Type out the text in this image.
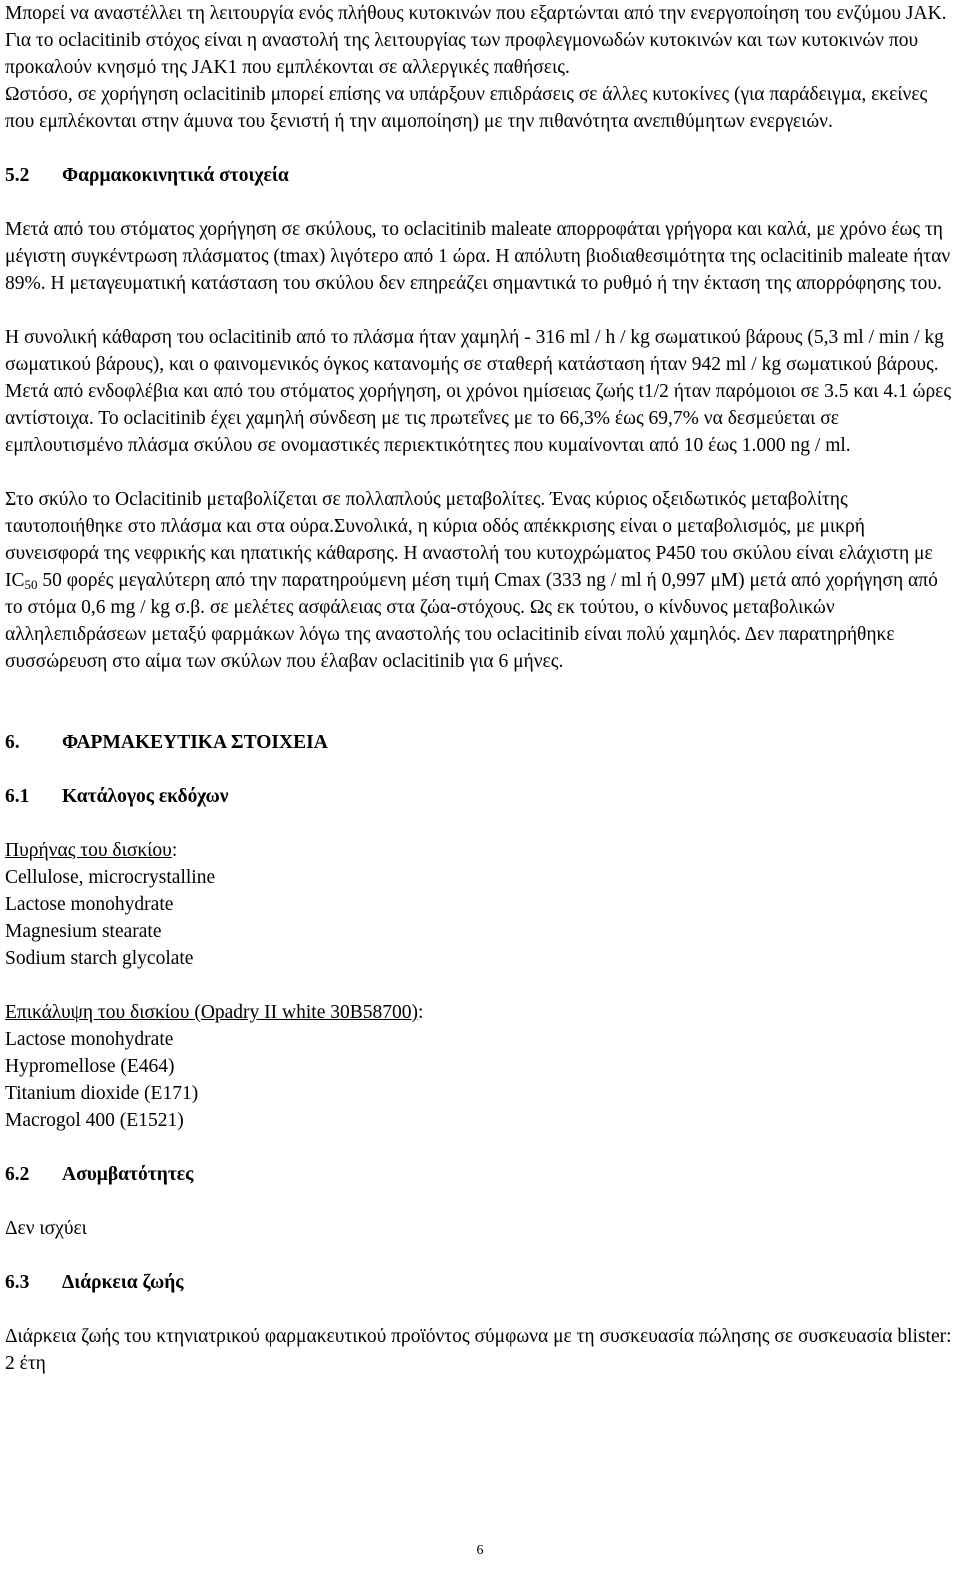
Μπορεί να αναστέλλει τη λειτουργία ενός πλήθους κυτοκινών που εξαρτώνται από την ενεργοποίηση του ενζύμου JAK.

Για το oclacitinib στόχος είναι η αναστολή της λειτουργίας των προφλεγμονωδών κυτοκινών και των κυτοκινών που προκαλούν κνησμό της JAK1 που εμπλέκονται σε αλλεργικές παθήσεις.

Ωστόσο, σε χορήγηση oclacitinib μπορεί επίσης να υπάρξουν επιδράσεις σε άλλες κυτοκίνες (για παράδειγμα, εκείνες που εμπλέκονται στην άμυνα του ξενιστή ή την αιμοποίηση) με την πιθανότητα ανεπιθύμητων ενεργειών.

5.2	Φαρμακοκινητικά στοιχεία

Μετά από του στόματος χορήγηση σε σκύλους, το oclacitinib maleate απορροφάται γρήγορα και καλά, με χρόνο έως τη μέγιστη συγκέντρωση πλάσματος (tmax) λιγότερο από 1 ώρα. Η απόλυτη βιοδιαθεσιμότητα της oclacitinib maleate ήταν 89%. Η μεταγευματική κατάσταση του σκύλου δεν επηρεάζει σημαντικά το ρυθμό ή την έκταση της απορρόφησης του.

Η συνολική κάθαρση του oclacitinib από το πλάσμα ήταν χαμηλή - 316 ml / h / kg σωματικού βάρους (5,3 ml / min / kg σωματικού βάρους), και ο φαινομενικός όγκος κατανομής σε σταθερή κατάσταση ήταν 942 ml / kg σωματικού βάρους. Μετά από ενδοφλέβια και από του στόματος χορήγηση, οι χρόνοι ημίσειας ζωής t1/2 ήταν παρόμοιοι σε 3.5 και 4.1 ώρες αντίστοιχα. Το oclacitinib έχει χαμηλή σύνδεση με τις πρωτεΐνες με το 66,3% έως 69,7% να δεσμεύεται σε εμπλουτισμένο πλάσμα σκύλου σε ονομαστικές περιεκτικότητες που κυμαίνονται από 10 έως 1.000 ng / ml.

Στο σκύλο το Oclacitinib μεταβολίζεται σε πολλαπλούς μεταβολίτες. Ένας κύριος οξειδωτικός μεταβολίτης ταυτοποιήθηκε στο πλάσμα και στα ούρα.Συνολικά, η κύρια οδός απέκκρισης είναι ο μεταβολισμός, με μικρή συνεισφορά της νεφρικής και ηπατικής κάθαρσης. Η αναστολή του κυτοχρώματος P450 του σκύλου είναι ελάχιστη με $IC_{50}$ 50 φορές μεγαλύτερη από την παρατηρούμενη μέση τιμή Cmax (333 ng / ml ή 0,997 μM) μετά από χορήγηση από το στόμα 0,6 mg / kg σ.β. σε μελέτες ασφάλειας στα ζώα-στόχους. Ως εκ τούτου, ο κίνδυνος μεταβολικών αλληλεπιδράσεων μεταξύ φαρμάκων λόγω της αναστολής του oclacitinib είναι πολύ χαμηλός. Δεν παρατηρήθηκε συσσώρευση στο αίμα των σκύλων που έλαβαν oclacitinib για 6 μήνες.

6.	ΦΑΡΜΑΚΕΥΤΙΚΑ ΣΤΟΙΧΕΙΑ
6.1	Κατάλογος εκδόχων

Πυρήνας του δισκίου:

Cellulose, microcrystalline

Lactose monohydrate

Magnesium stearate

Sodium starch glycolate

Επικάλυψη του δισκίου (Opadry II white 30B58700):

Lactose monohydrate

Hypromellose (E464)

Titanium dioxide (E171)

Macrogol 400 (E1521)

6.2	Ασυμβατότητες

Δεν ισχύει

6.3	Διάρκεια ζωής

Διάρκεια ζωής του κτηνιατρικού φαρμακευτικού προϊόντος σύμφωνα με τη συσκευασία πώλησης σε συσκευασία blister: 2 έτη

6
